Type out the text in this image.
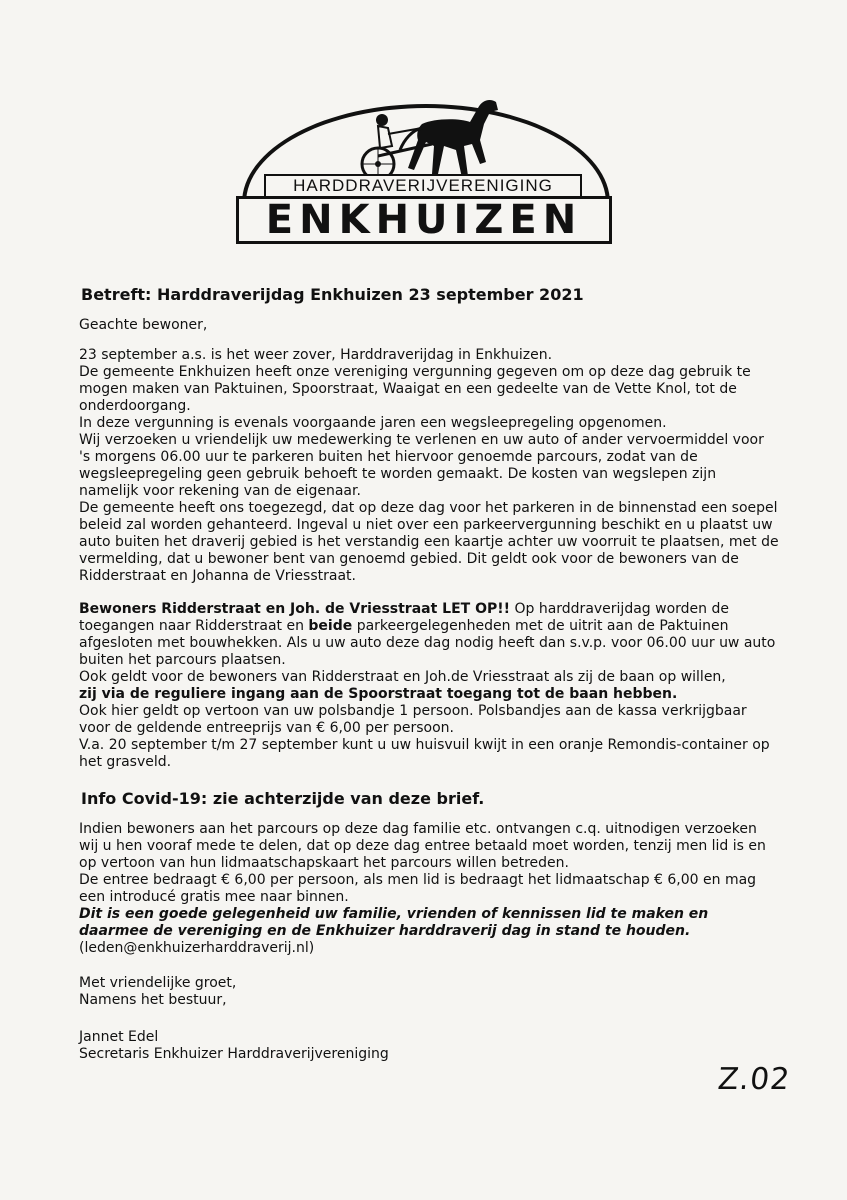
HARDDRAVERIJVERENIGING
ENKHUIZEN
Betreft: Harddraverijdag Enkhuizen 23 september 2021

Geachte bewoner,

23 september a.s. is het weer zover, Harddraverijdag in Enkhuizen.

De gemeente Enkhuizen heeft onze vereniging vergunning gegeven om op deze dag gebruik te mogen maken van Paktuinen, Spoorstraat, Waaigat en een gedeelte van de Vette Knol, tot de onderdoorgang.

In deze vergunning is evenals voorgaande jaren een wegsleepregeling opgenomen.

Wij verzoeken u vriendelijk uw medewerking te verlenen en uw auto of ander vervoermiddel voor 's morgens 06.00 uur te parkeren buiten het hiervoor genoemde parcours, zodat van de wegsleepregeling geen gebruik behoeft te worden gemaakt. De kosten van wegslepen zijn namelijk voor rekening van de eigenaar.

De gemeente heeft ons toegezegd, dat op deze dag voor het parkeren in de binnenstad een soepel beleid zal worden gehanteerd. Ingeval u niet over een parkeervergunning beschikt en u plaatst uw auto buiten het draverij gebied is het verstandig een kaartje achter uw voorruit te plaatsen, met de vermelding, dat u bewoner bent van genoemd gebied. Dit geldt ook voor de bewoners van de Ridderstraat en Johanna de Vriesstraat.

Bewoners Ridderstraat en Joh. de Vriesstraat LET OP!! Op harddraverijdag worden de toegangen naar Ridderstraat en beide parkeergelegenheden met de uitrit aan de Paktuinen afgesloten met bouwhekken. Als u uw auto deze dag nodig heeft dan s.v.p. voor 06.00 uur uw auto buiten het parcours plaatsen.

Ook geldt voor de bewoners van Ridderstraat en Joh.de Vriesstraat als zij de baan op willen,

zij via de reguliere ingang aan de Spoorstraat toegang tot de baan hebben.

Ook hier geldt op vertoon van uw polsbandje 1 persoon. Polsbandjes aan de kassa verkrijgbaar voor de geldende entreeprijs van € 6,00 per persoon.

V.a. 20 september t/m 27 september kunt u uw huisvuil kwijt in een oranje Remondis-container op het grasveld.

Info Covid-19: zie achterzijde van deze brief.

Indien bewoners aan het parcours op deze dag familie etc. ontvangen c.q. uitnodigen verzoeken wij u hen vooraf mede te delen, dat op deze dag entree betaald moet worden, tenzij men lid is en op vertoon van hun lidmaatschapskaart het parcours willen betreden.

De entree bedraagt € 6,00 per persoon, als men lid is bedraagt het lidmaatschap € 6,00 en mag een introducé gratis mee naar binnen.

Dit is een goede gelegenheid uw familie, vrienden of kennissen lid te maken en daarmee de vereniging en de Enkhuizer harddraverij dag in stand te houden.

(leden@enkhuizerharddraverij.nl)

Met vriendelijke groet,

Namens het bestuur,

Jannet Edel

Secretaris Enkhuizer Harddraverijvereniging

Z.02
